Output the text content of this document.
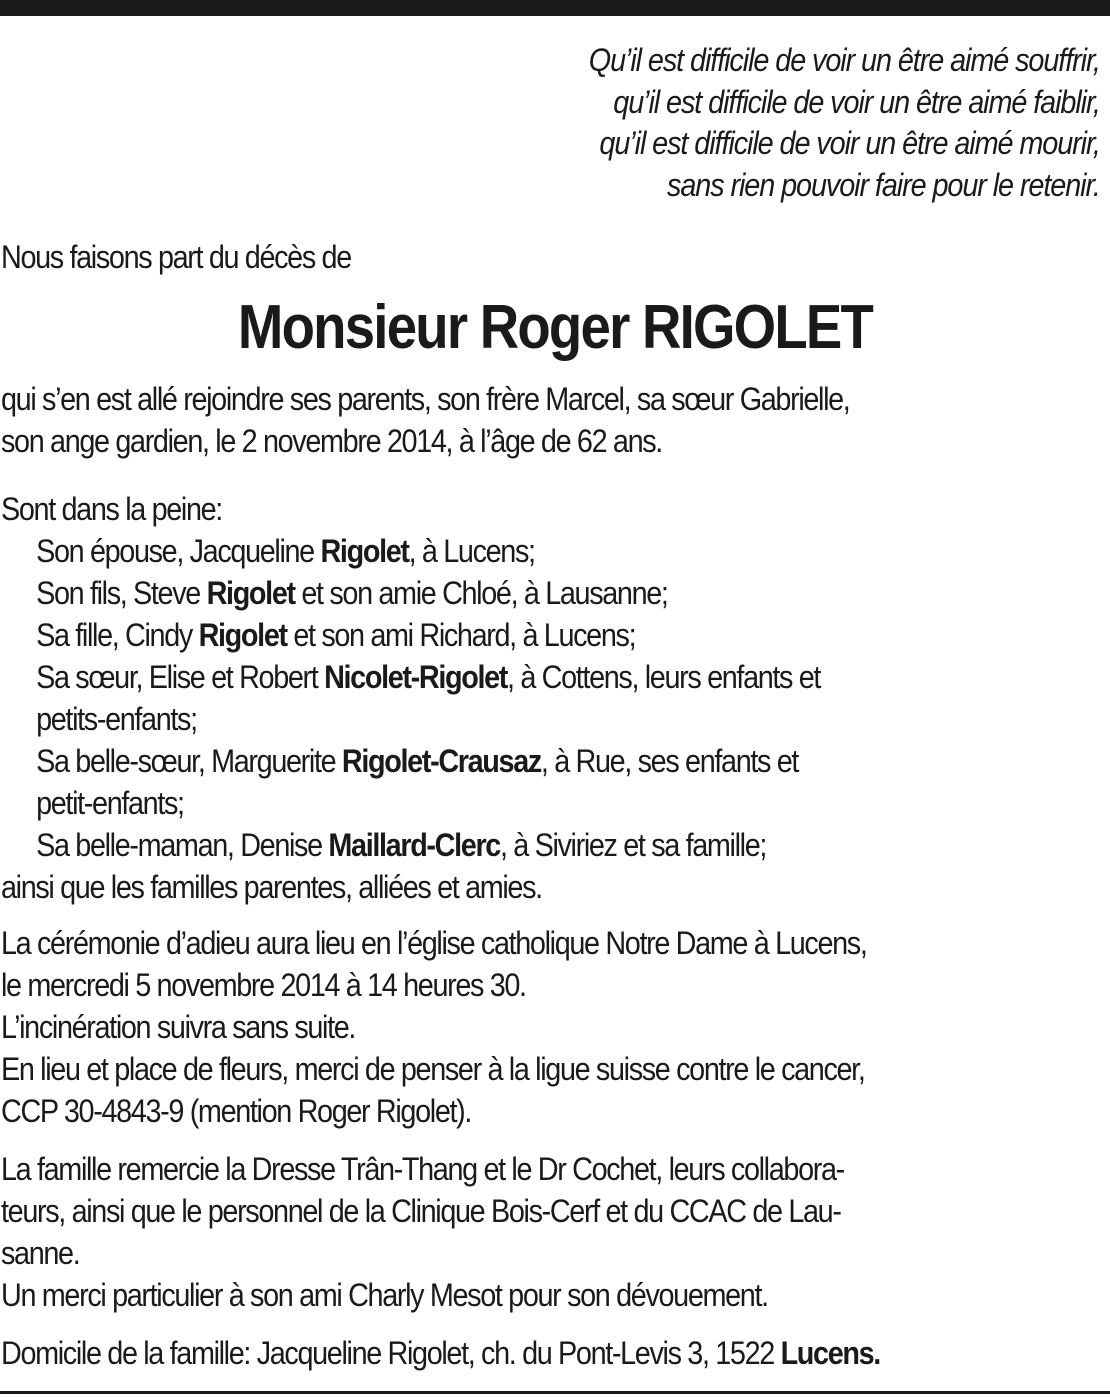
Qu’il est difficile de voir un être aimé souffrir,
qu’il est difficile de voir un être aimé faiblir,
qu’il est difficile de voir un être aimé mourir,
sans rien pouvoir faire pour le retenir.
Nous faisons part du décès de
Monsieur Roger RIGOLET
qui s’en est allé rejoindre ses parents, son frère Marcel, sa sœur Gabrielle,
son ange gardien, le 2 novembre 2014, à l’âge de 62 ans.
Sont dans la peine:
Son épouse, Jacqueline Rigolet, à Lucens;
Son fils, Steve Rigolet et son amie Chloé, à Lausanne;
Sa fille, Cindy Rigolet et son ami Richard, à Lucens;
Sa sœur, Elise et Robert Nicolet-Rigolet, à Cottens, leurs enfants et
petits-enfants;
Sa belle-sœur, Marguerite Rigolet-Crausaz, à Rue, ses enfants et
petit-enfants;
Sa belle-maman, Denise Maillard-Clerc, à Siviriez et sa famille;
ainsi que les familles parentes, alliées et amies.
La cérémonie d’adieu aura lieu en l’église catholique Notre Dame à Lucens,
le mercredi 5 novembre 2014 à 14 heures 30.
L’incinération suivra sans suite.
En lieu et place de fleurs, merci de penser à la ligue suisse contre le cancer,
CCP 30-4843-9 (mention Roger Rigolet).
La famille remercie la Dresse Trân-Thang et le Dr Cochet, leurs collabora-
teurs, ainsi que le personnel de la Clinique Bois-Cerf et du CCAC de Lau-
sanne.
Un merci particulier à son ami Charly Mesot pour son dévouement.
Domicile de la famille: Jacqueline Rigolet, ch. du Pont-Levis 3, 1522 Lucens.
